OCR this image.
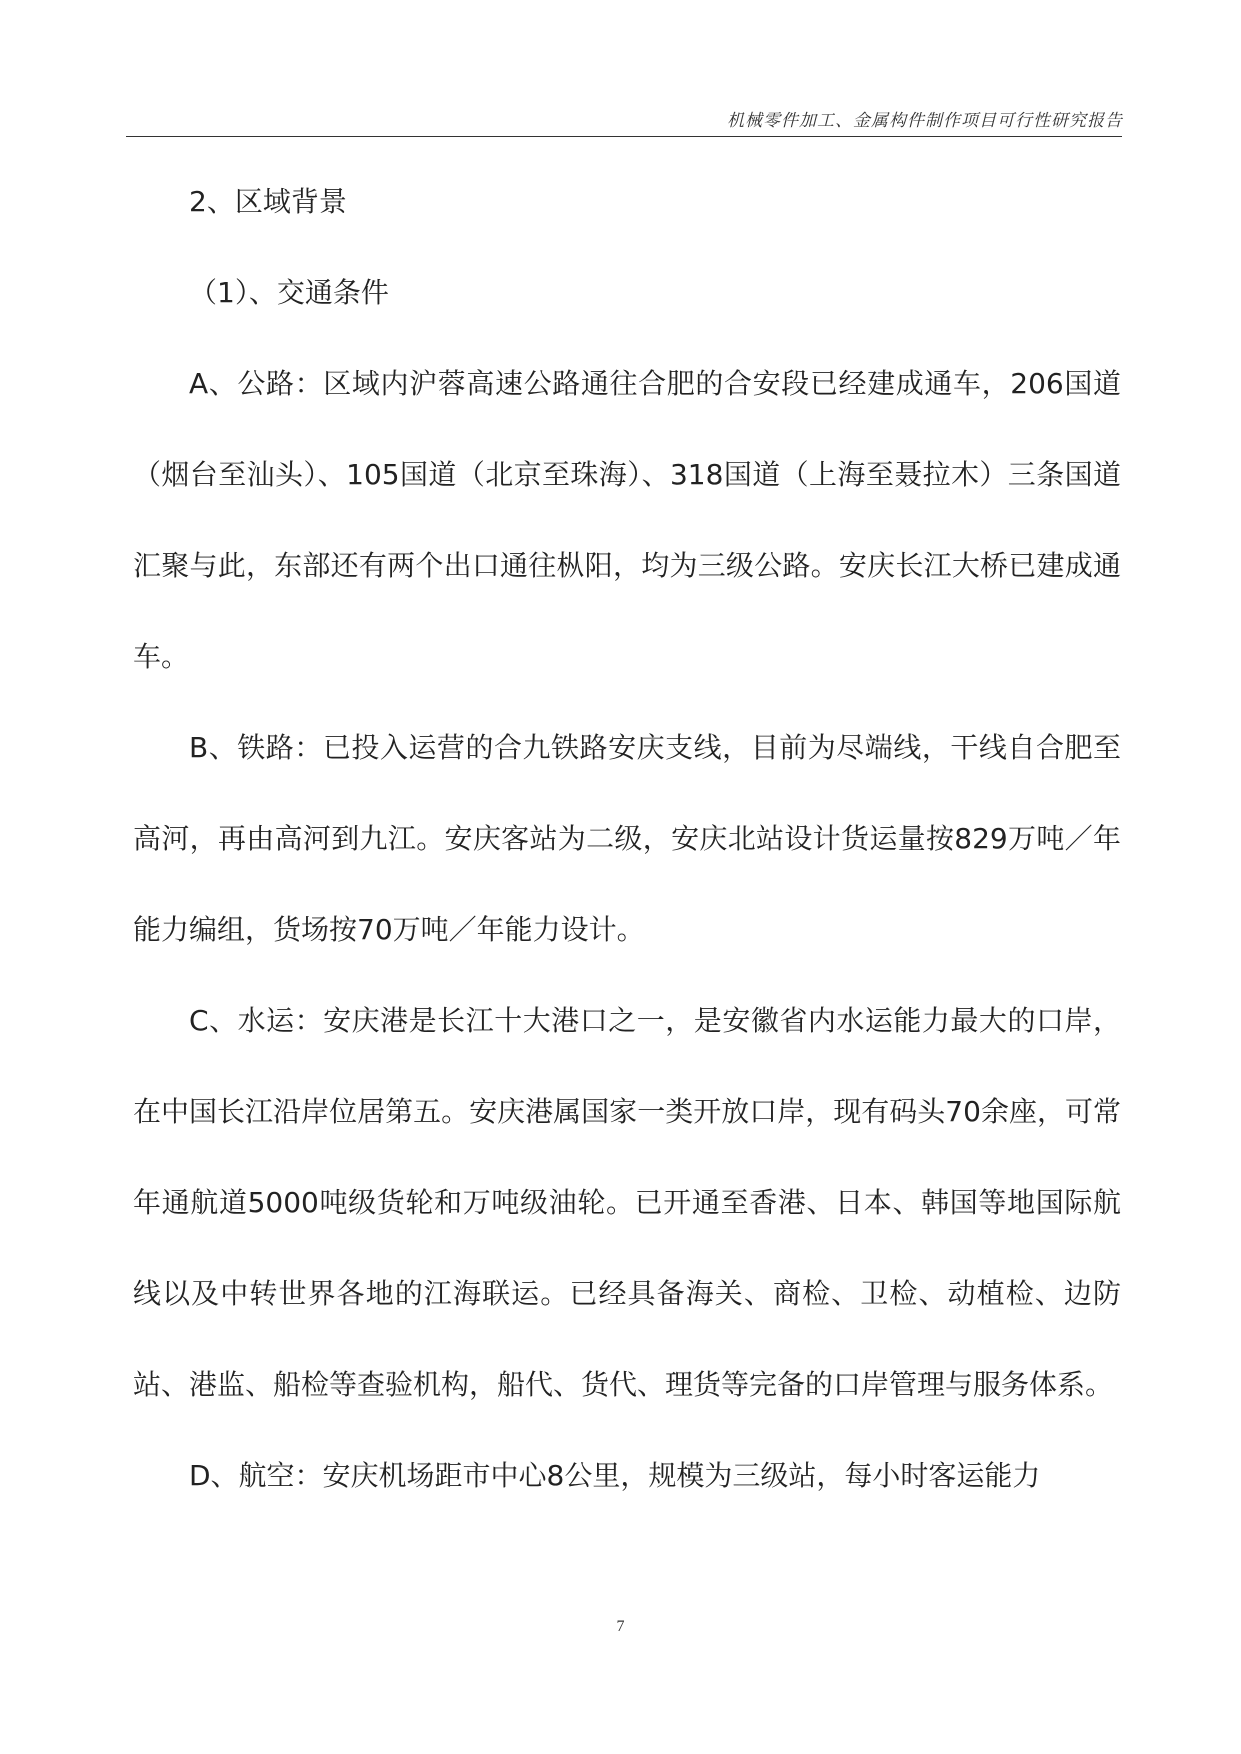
机械零件加工、金属构件制作项目可行性研究报告

2、区域背景

（1）、交通条件

A、公路：区域内沪蓉高速公路通往合肥的合安段已经建成通车，206国道（烟台至汕头）、105国道（北京至珠海）、318国道（上海至聂拉木）三条国道汇聚与此，东部还有两个出口通往枞阳，均为三级公路。安庆长江大桥已建成通车。

B、铁路：已投入运营的合九铁路安庆支线，目前为尽端线，干线自合肥至高河，再由高河到九江。安庆客站为二级，安庆北站设计货运量按829万吨／年能力编组，货场按70万吨／年能力设计。

C、水运：安庆港是长江十大港口之一，是安徽省内水运能力最大的口岸，在中国长江沿岸位居第五。安庆港属国家一类开放口岸，现有码头70余座，可常年通航道5000吨级货轮和万吨级油轮。已开通至香港、日本、韩国等地国际航线以及中转世界各地的江海联运。已经具备海关、商检、卫检、动植检、边防站、港监、船检等查验机构，船代、货代、理货等完备的口岸管理与服务体系。

D、航空：安庆机场距市中心8公里，规模为三级站，每小时客运能力

7
